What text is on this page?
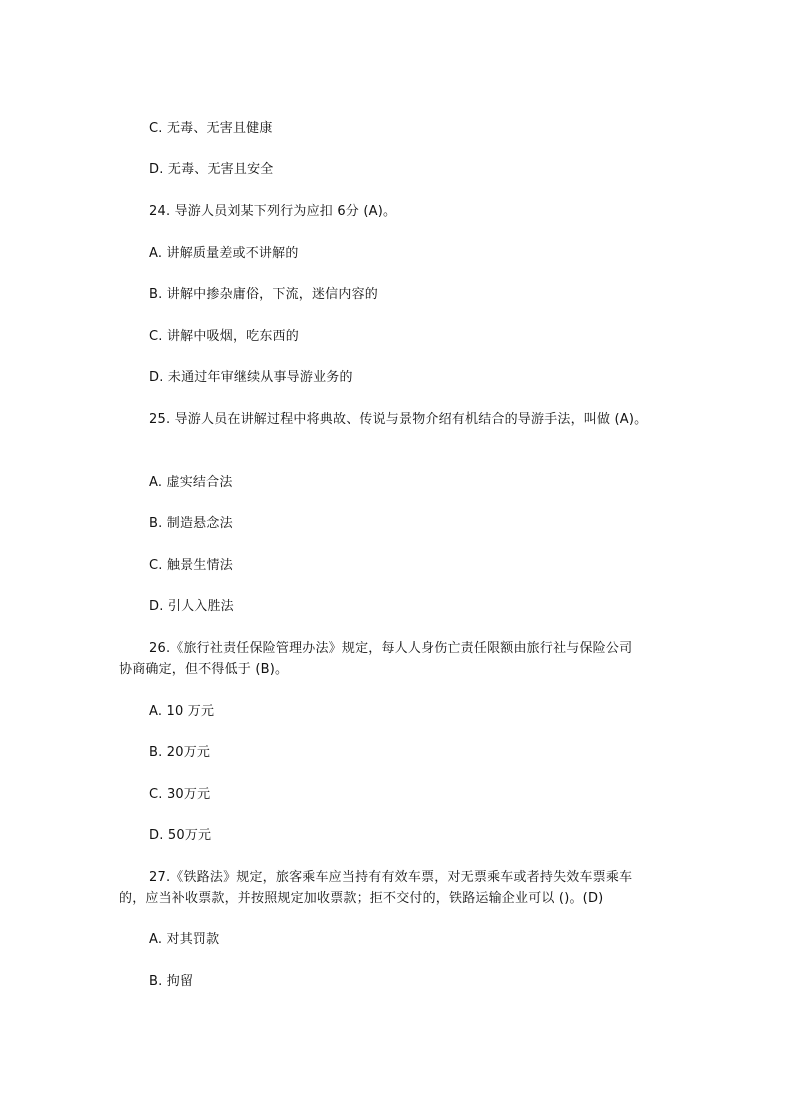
C. 无毒、无害且健康
D. 无毒、无害且安全
24. 导游人员刘某下列行为应扣 6分 (A)。
A. 讲解质量差或不讲解的
B. 讲解中掺杂庸俗，下流，迷信内容的
C. 讲解中吸烟，吃东西的
D. 未通过年审继续从事导游业务的
25. 导游人员在讲解过程中将典故、传说与景物介绍有机结合的导游手法，叫做 (A)。
A. 虚实结合法
B. 制造悬念法
C. 触景生情法
D. 引人入胜法
26.《旅行社责任保险管理办法》规定，每人人身伤亡责任限额由旅行社与保险公司
协商确定，但不得低于 (B)。
A. 10 万元
B. 20万元
C. 30万元
D. 50万元
27.《铁路法》规定，旅客乘车应当持有有效车票，对无票乘车或者持失效车票乘车
的，应当补收票款，并按照规定加收票款；拒不交付的，铁路运输企业可以 ()。(D)
A. 对其罚款
B. 拘留
